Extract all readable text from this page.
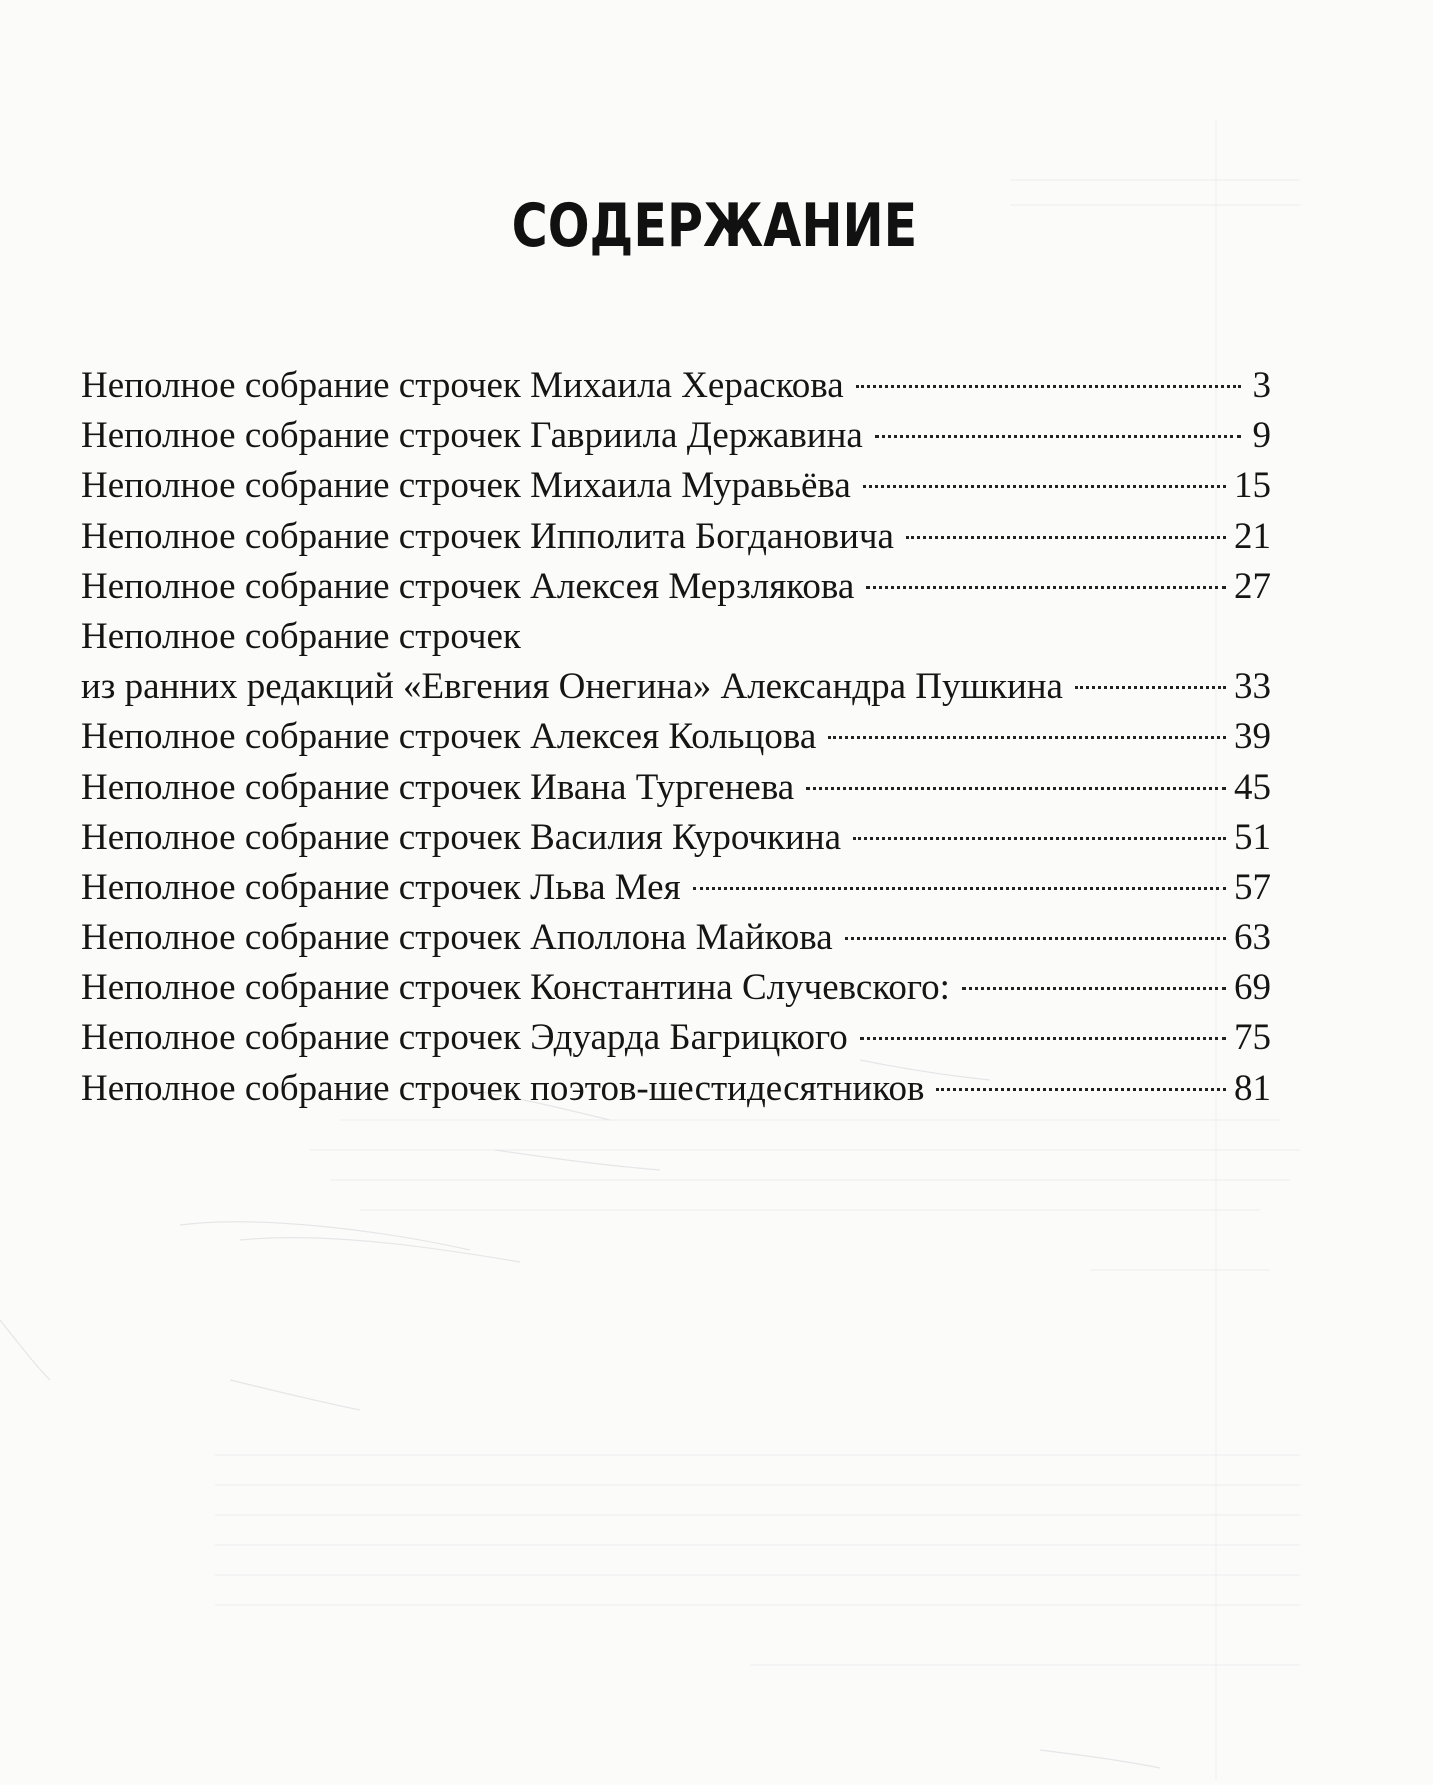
СОДЕРЖАНИЕ
Неполное собрание строчек Михаила Хераскова	3
Неполное собрание строчек Гавриила Державина	9
Неполное собрание строчек Михаила Муравьёва	15
Неполное собрание строчек Ипполита Богдановича	21
Неполное собрание строчек Алексея Мерзлякова	27
Неполное собрание строчек
из ранних редакций «Евгения Онегина» Александра Пушкина	33
Неполное собрание строчек Алексея Кольцова	39
Неполное собрание строчек Ивана Тургенева	45
Неполное собрание строчек Василия Курочкина	51
Неполное собрание строчек Льва Мея	57
Неполное собрание строчек Аполлона Майкова	63
Неполное собрание строчек Константина Случевского:	69
Неполное собрание строчек Эдуарда Багрицкого	75
Неполное собрание строчек поэтов-шестидесятников	81
